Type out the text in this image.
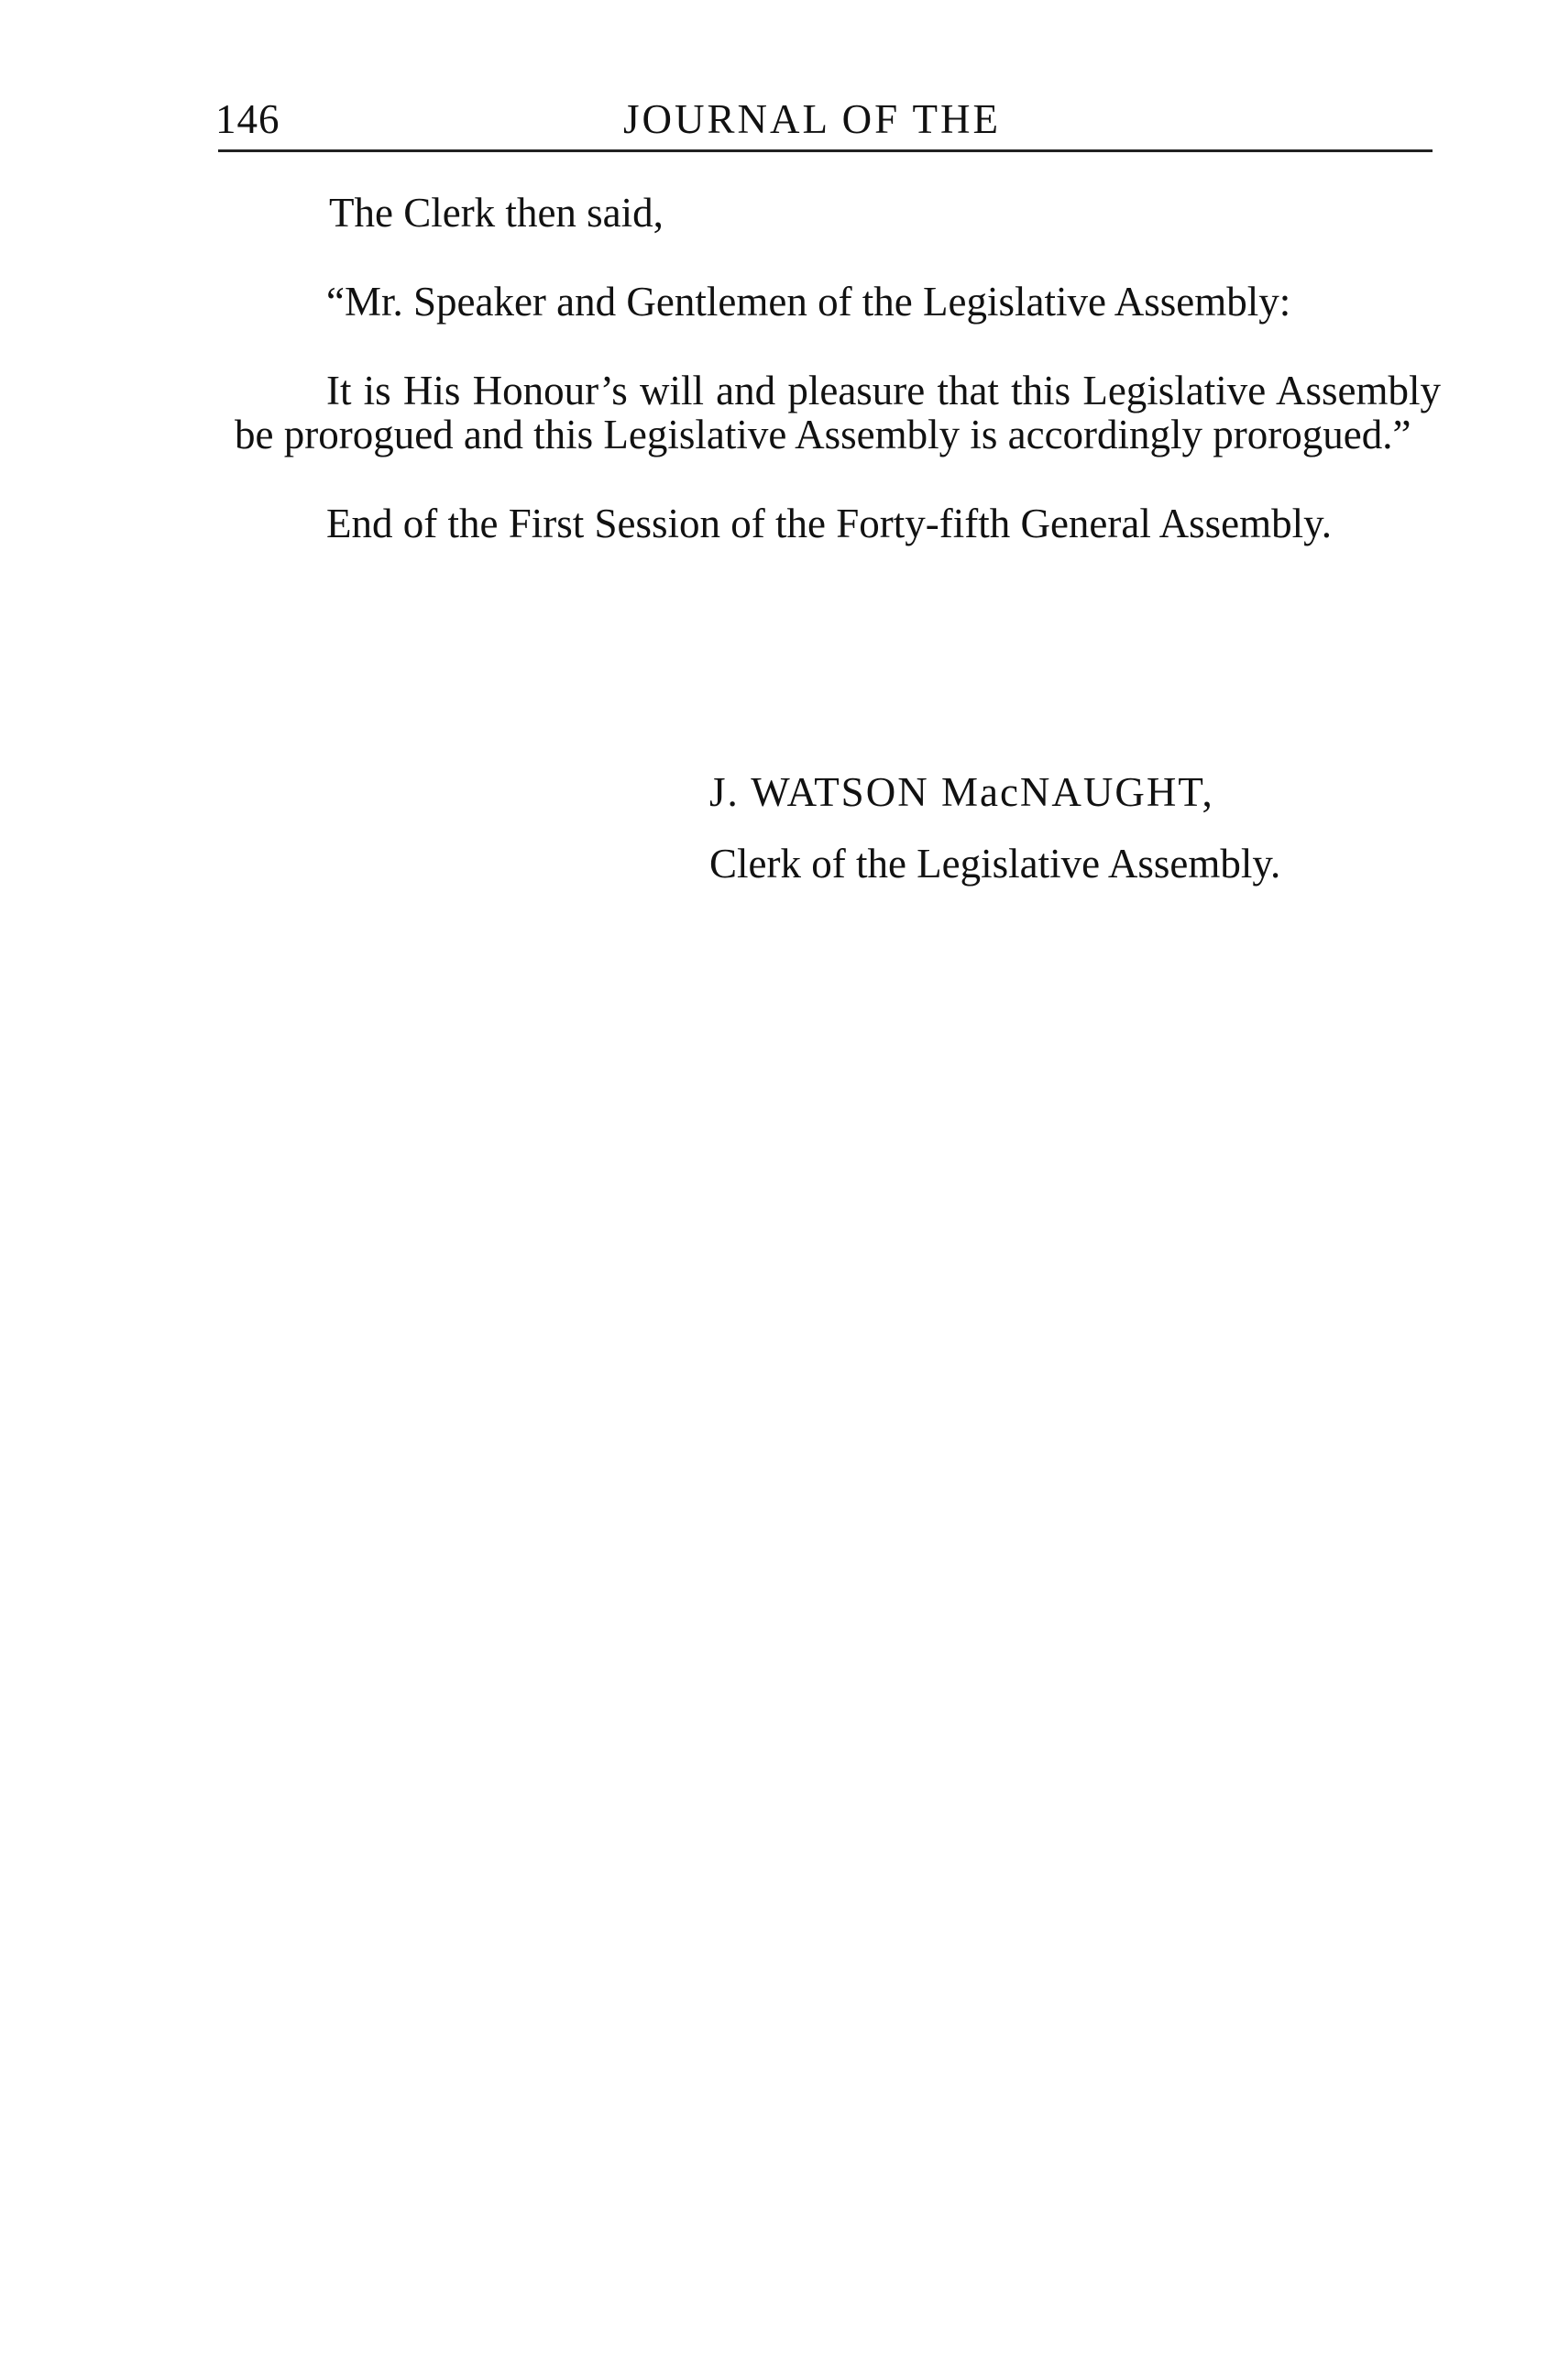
146	JOURNAL OF THE

The Clerk then said,

“Mr. Speaker and Gentlemen of the Legislative Assembly:

It is His Honour’s will and pleasure that this Legislative Assembly be prorogued and this Legislative Assembly is accordingly prorogued.”

End of the First Session of the Forty-fifth General Assembly.

J. WATSON MacNAUGHT,
Clerk of the Legislative Assembly.
